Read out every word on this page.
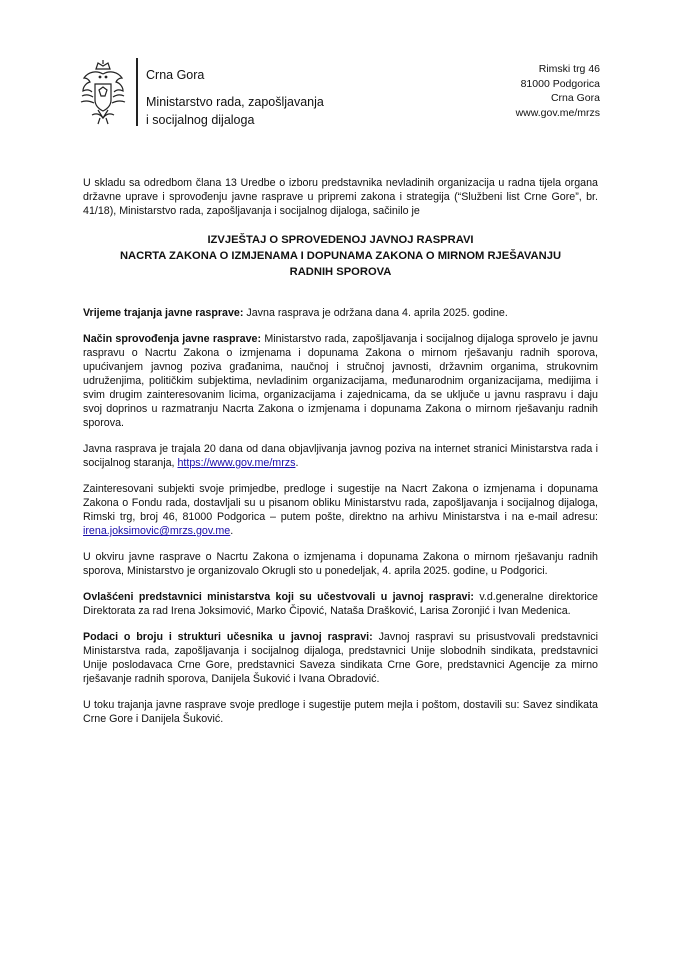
Crna Gora
Ministarstvo rada, zapošljavanja
i socijalnog dijaloga
Rimski trg 46
81000 Podgorica
Crna Gora
www.gov.me/mrzs

U skladu sa odredbom člana 13 Uredbe o izboru predstavnika nevladinih organizacija u radna tijela organa državne uprave i sprovođenju javne rasprave u pripremi zakona i strategija (“Službeni list Crne Gore”, br. 41/18), Ministarstvo rada, zapošljavanja i socijalnog dijaloga, sačinilo je

IZVJEŠTAJ O SPROVEDENOJ JAVNOJ RASPRAVI
NACRTA ZAKONA O IZMJENAMA I DOPUNAMA ZAKONA O MIRNOM RJEŠAVANJU
RADNIH SPOROVA

Vrijeme trajanja javne rasprave: Javna rasprava je održana dana 4. aprila 2025. godine.

Način sprovođenja javne rasprave: Ministarstvo rada, zapošljavanja i socijalnog dijaloga sprovelo je javnu raspravu o Nacrtu Zakona o izmjenama i dopunama Zakona o mirnom rješavanju radnih sporova, upućivanjem javnog poziva građanima, naučnoj i stručnoj javnosti, državnim organima, strukovnim udruženjima, političkim subjektima, nevladinim organizacijama, međunarodnim organizacijama, medijima i svim drugim zainteresovanim licima, organizacijama i zajednicama, da se uključe u javnu raspravu i daju svoj doprinos u razmatranju Nacrta Zakona o izmjenama i dopunama Zakona o mirnom rješavanju radnih sporova.

Javna rasprava je trajala 20 dana od dana objavljivanja javnog poziva na internet stranici Ministarstva rada i socijalnog staranja, https://www.gov.me/mrzs.

Zainteresovani subjekti svoje primjedbe, predloge i sugestije na Nacrt Zakona o izmjenama i dopunama Zakona o Fondu rada, dostavljali su u pisanom obliku Ministarstvu rada, zapošljavanja i socijalnog dijaloga, Rimski trg, broj 46, 81000 Podgorica – putem pošte, direktno na arhivu Ministarstva i na e-mail adresu: irena.joksimovic@mrzs.gov.me.

U okviru javne rasprave o Nacrtu Zakona o izmjenama i dopunama Zakona o mirnom rješavanju radnih sporova, Ministarstvo je organizovalo Okrugli sto u ponedeljak, 4. aprila 2025. godine, u Podgorici.

Ovlašćeni predstavnici ministarstva koji su učestvovali u javnoj raspravi: v.d.generalne direktorice Direktorata za rad Irena Joksimović, Marko Čipović, Nataša Drašković, Larisa Zoronjić i Ivan Medenica.

Podaci o broju i strukturi učesnika u javnoj raspravi: Javnoj raspravi su prisustvovali predstavnici Ministarstva rada, zapošljavanja i socijalnog dijaloga, predstavnici Unije slobodnih sindikata, predstavnici Unije poslodavaca Crne Gore, predstavnici Saveza sindikata Crne Gore, predstavnici Agencije za mirno rješavanje radnih sporova, Danijela Šuković i Ivana Obradović.

U toku trajanja javne rasprave svoje predloge i sugestije putem mejla i poštom, dostavili su: Savez sindikata Crne Gore i Danijela Šuković.
